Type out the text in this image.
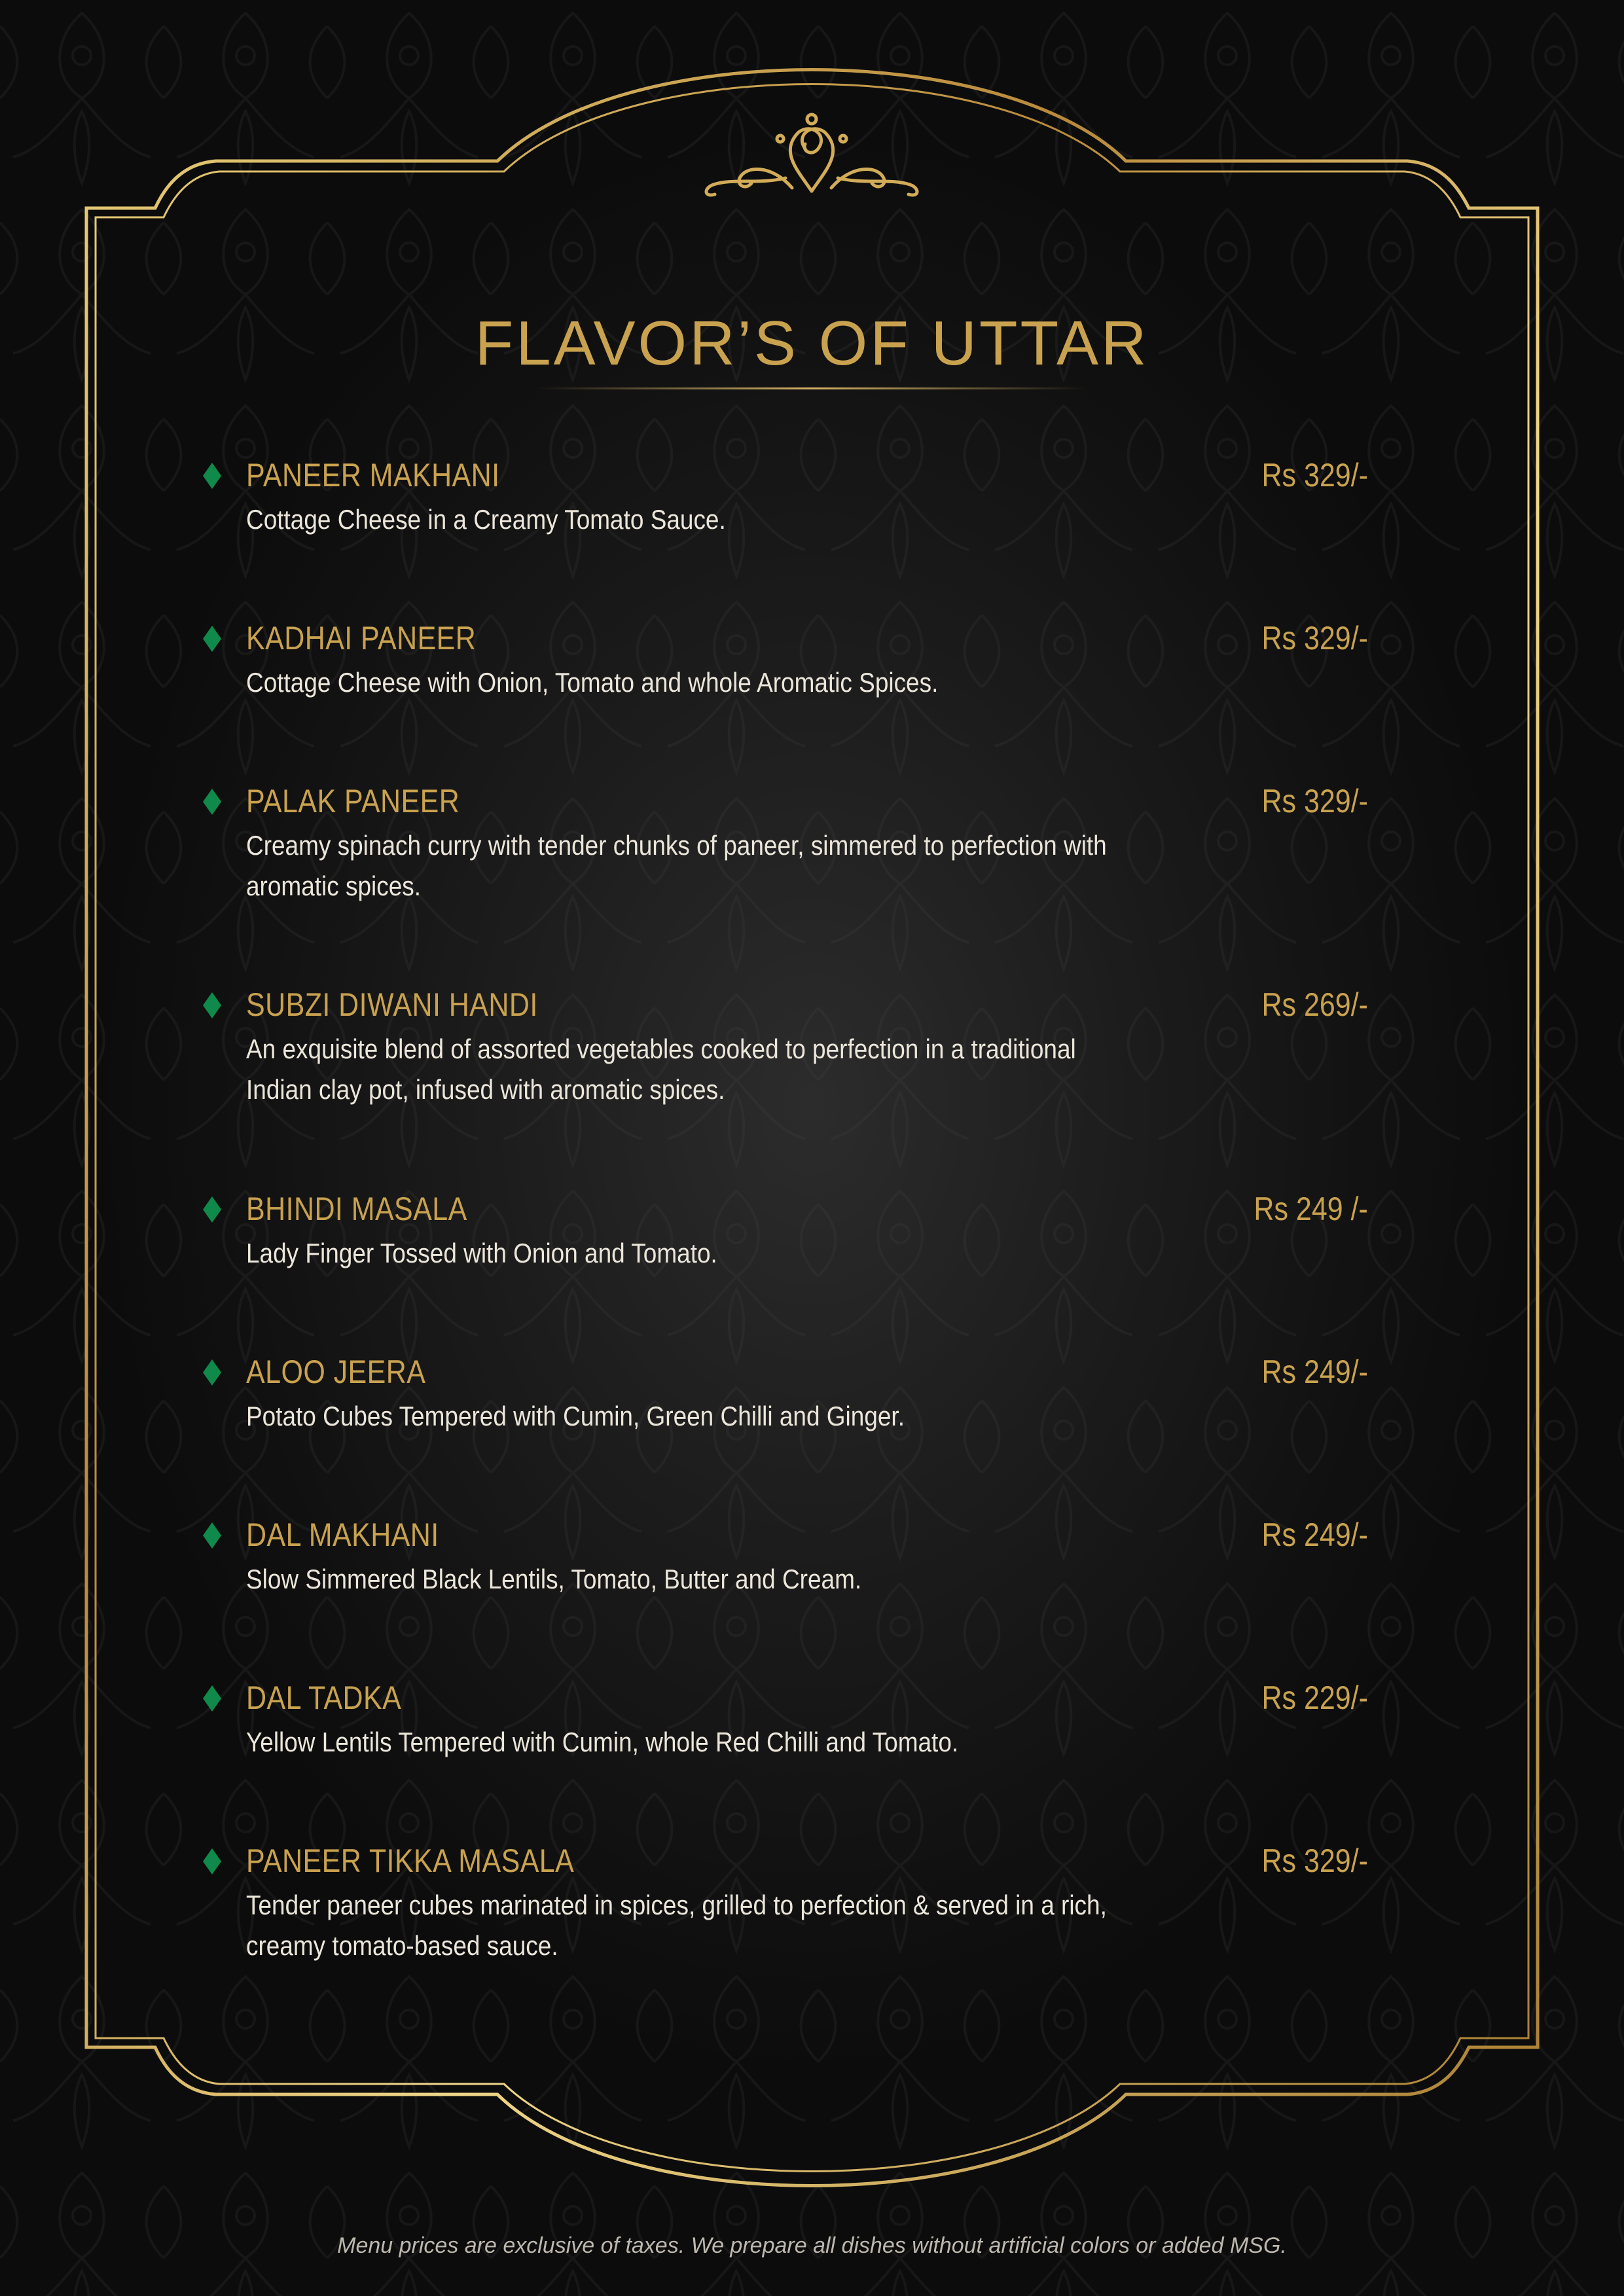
FLAVOR’S OF UTTAR
PANEER MAKHANI	Rs 329/-
Cottage Cheese in a Creamy Tomato Sauce.
KADHAI PANEER	Rs 329/-
Cottage Cheese with Onion, Tomato and whole Aromatic Spices.
PALAK PANEER	Rs 329/-
Creamy spinach curry with tender chunks of paneer, simmered to perfection with aromatic spices.
SUBZI DIWANI HANDI	Rs 269/-
An exquisite blend of assorted vegetables cooked to perfection in a traditional Indian clay pot, infused with aromatic spices.
BHINDI MASALA	Rs 249 /-
Lady Finger Tossed with Onion and Tomato.
ALOO JEERA	Rs 249/-
Potato Cubes Tempered with Cumin, Green Chilli and Ginger.
DAL MAKHANI	Rs 249/-
Slow Simmered Black Lentils, Tomato, Butter and Cream.
DAL TADKA	Rs 229/-
Yellow Lentils Tempered with Cumin, whole Red Chilli and Tomato.
PANEER TIKKA MASALA	Rs 329/-
Tender paneer cubes marinated in spices, grilled to perfection & served in a rich, creamy tomato-based sauce.
Menu prices are exclusive of taxes. We prepare all dishes without artificial colors or added MSG.
